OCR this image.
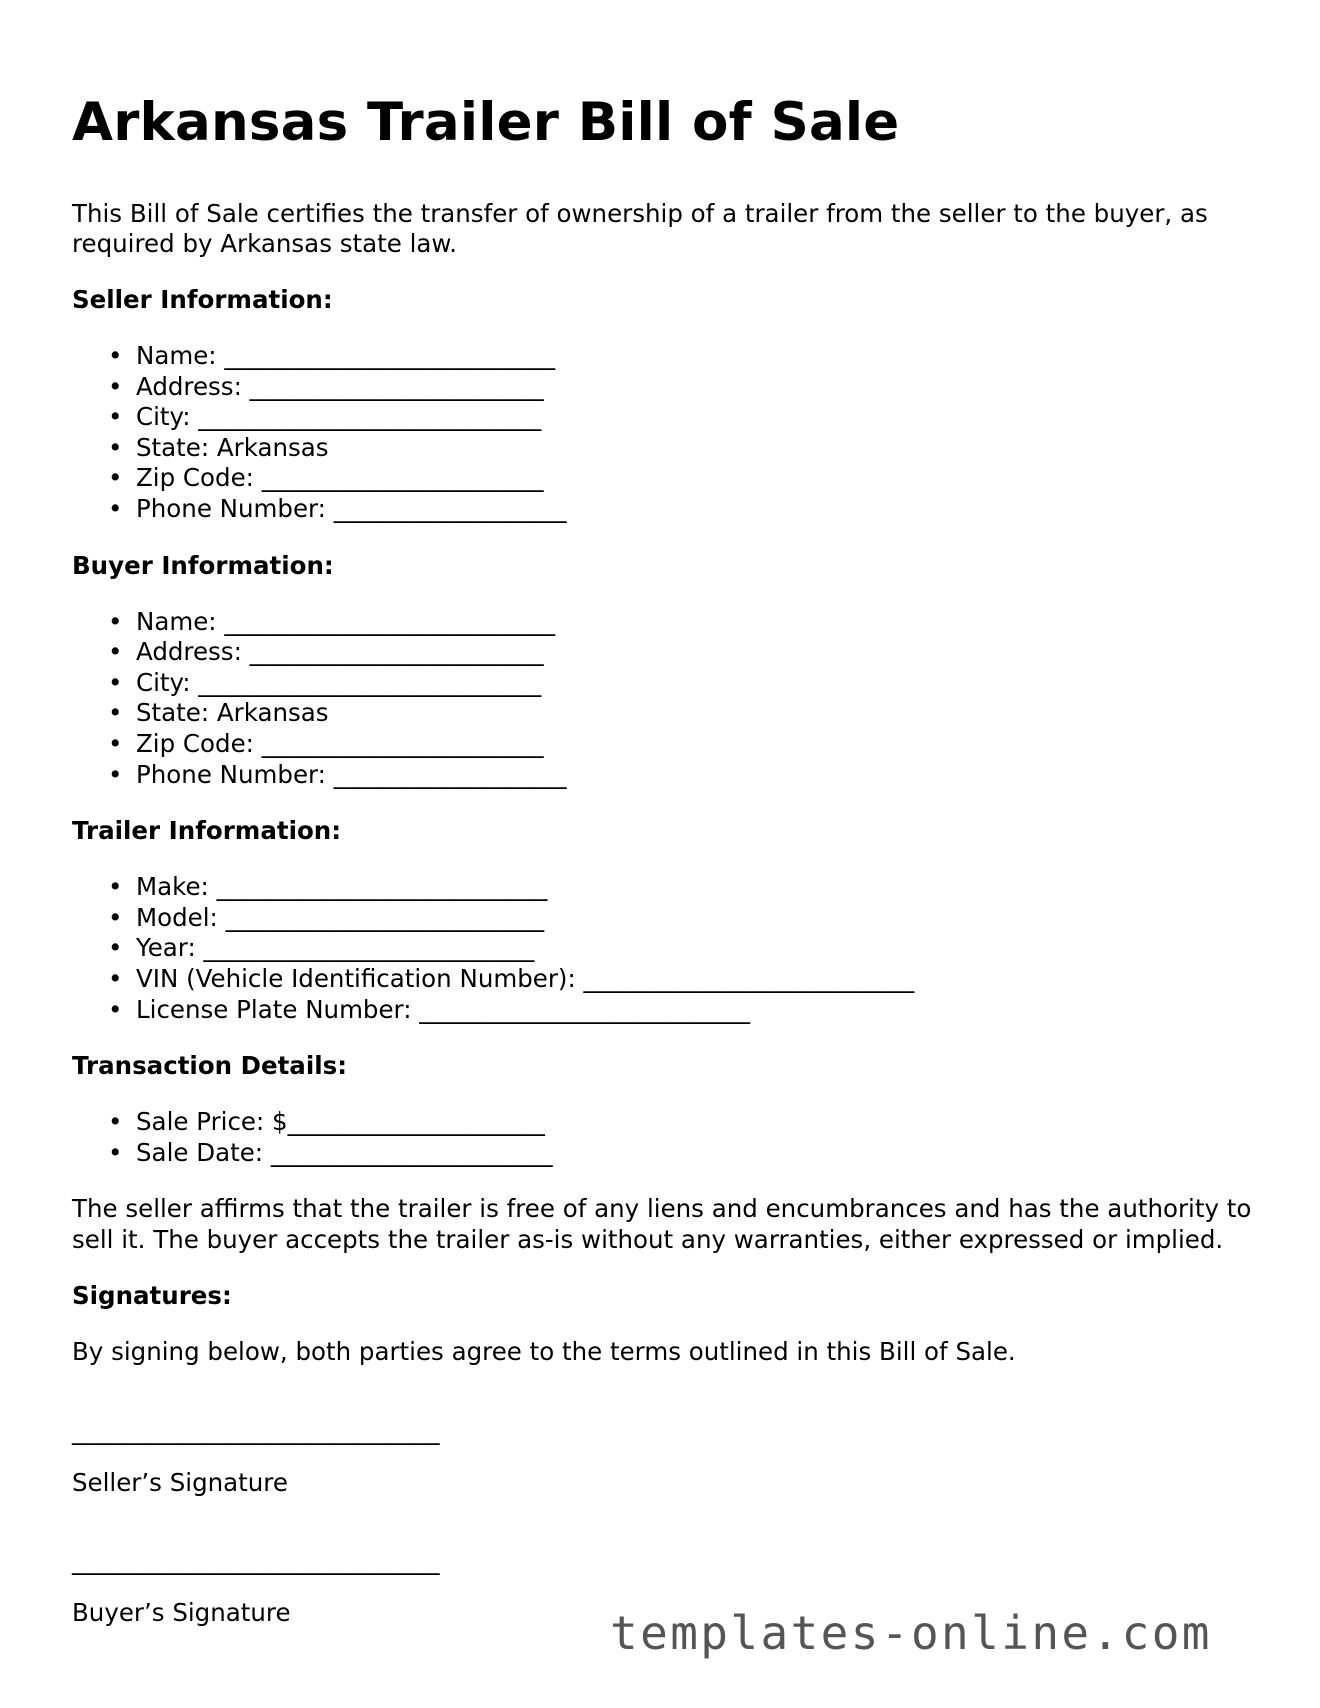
Arkansas Trailer Bill of Sale

This Bill of Sale certifies the transfer of ownership of a trailer from the seller to the buyer, as required by Arkansas state law.

Seller Information:
• Name: ___________________________
• Address: ________________________
• City: ____________________________
• State: Arkansas
• Zip Code: _______________________
• Phone Number: ___________________
Buyer Information:
• Name: ___________________________
• Address: ________________________
• City: ____________________________
• State: Arkansas
• Zip Code: _______________________
• Phone Number: ___________________
Trailer Information:
• Make: ___________________________
• Model: __________________________
• Year: ___________________________
• VIN (Vehicle Identification Number): ___________________________
• License Plate Number: ___________________________
Transaction Details:
• Sale Price: $_____________________
• Sale Date: _______________________

The seller affirms that the trailer is free of any liens and encumbrances and has the authority to sell it. The buyer accepts the trailer as-is without any warranties, either expressed or implied.

Signatures:

By signing below, both parties agree to the terms outlined in this Bill of Sale.

______________________________
Seller’s Signature
______________________________
Buyer’s Signature	templates-online.com
